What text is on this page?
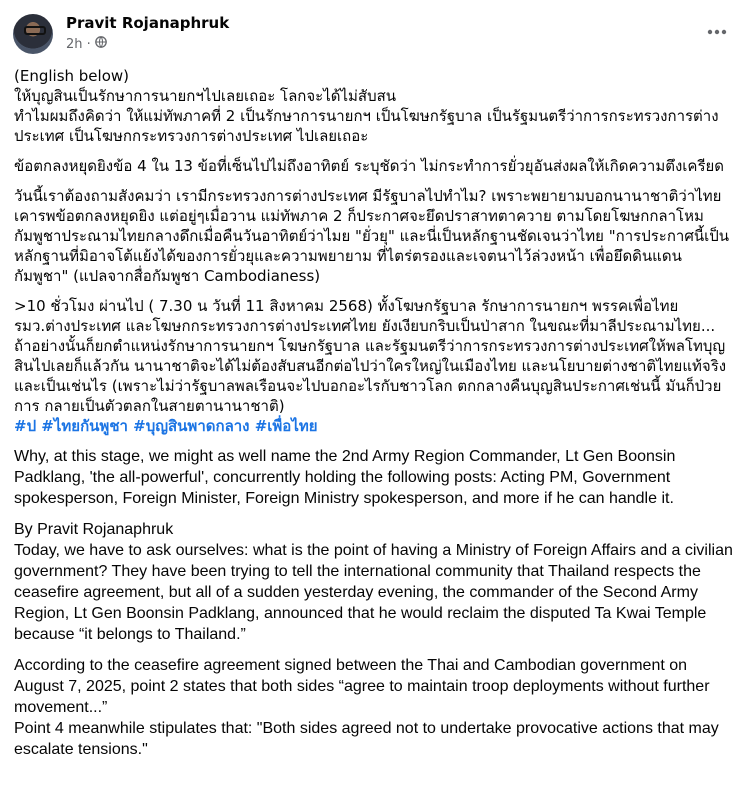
Pravit Rojanaphruk
2h ·

(English below)
ให้บุญสินเป็นรักษาการนายกฯไปเลยเถอะ โลกจะได้ไม่สับสน
ทำไมผมถึงคิดว่า ให้แม่ทัพภาคที่ 2 เป็นรักษาการนายกฯ เป็นโฆษกรัฐบาล เป็นรัฐมนตรีว่าการกระทรวงการต่างประเทศ เป็นโฆษกกระทรวงการต่างประเทศ ไปเลยเถอะ

ข้อตกลงหยุดยิงข้อ 4 ใน 13 ข้อที่เซ็นไปไม่ถึงอาทิตย์ ระบุชัดว่า ไม่กระทำการยั่วยุอันส่งผลให้เกิดความตึงเครียด

วันนี้เราต้องถามสังคมว่า เรามีกระทรวงการต่างประเทศ มีรัฐบาลไปทำไม? เพราะพยายามบอกนานาชาติว่าไทยเคารพข้อตกลงหยุดยิง แต่อยู่ๆเมื่อวาน แม่ทัพภาค 2 ก็ประกาศจะยึดปราสาทตาควาย ตามโดยโฆษกกลาโหมกัมพูชาประณามไทยกลางดึกเมื่อคืนวันอาทิตย์ว่าไมย "ยั่วยุ" และนี่เป็นหลักฐานชัดเจนว่าไทย "การประกาศนี้เป็นหลักฐานที่มิอาจโต้แย้งได้ของการยั่วยุและความพยายาม ที่ไตร่ตรองและเจตนาไว้ล่วงหน้า เพื่อยึดดินแดนกัมพูชา" (แปลจากสื่อกัมพูชา Cambodianess)

>10 ชั่วโมง ผ่านไป ( 7.30 น วันที่ 11 สิงหาคม 2568) ทั้งโฆษกรัฐบาล รักษาการนายกฯ พรรคเพื่อไทย รมว.ต่างประเทศ และโฆษกกระทรวงการต่างประเทศไทย ยังเงียบกริบเป็นป่าสาก ในขณะที่มาลีประณามไทย...
ถ้าอย่างนั้นก็ยกตำแหน่งรักษาการนายกฯ โฆษกรัฐบาล และรัฐมนตรีว่าการกระทรวงการต่างประเทศให้พลโทบุญสินไปเลยก็แล้วกัน นานาชาติจะได้ไม่ต้องสับสนอีกต่อไปว่าใครใหญ่ในเมืองไทย และนโยบายต่างชาติไทยแท้จริงและเป็นเช่นไร (เพราะไม่ว่ารัฐบาลพลเรือนจะไปบอกอะไรกับชาวโลก ตกกลางคืนบุญสินประกาศเช่นนี้ มันก็ป่วยการ กลายเป็นตัวตลกในสายตานานาชาติ)

#ป #ไทยกันพูชา #บุญสินพาดกลาง #เพื่อไทย

Why, at this stage, we might as well name the 2nd Army Region Commander, Lt Gen Boonsin Padklang, 'the all-powerful', concurrently holding the following posts: Acting PM, Government spokesperson, Foreign Minister, Foreign Ministry spokesperson, and more if he can handle it.

By Pravit Rojanaphruk
Today, we have to ask ourselves: what is the point of having a Ministry of Foreign Affairs and a civilian government? They have been trying to tell the international community that Thailand respects the ceasefire agreement, but all of a sudden yesterday evening, the commander of the Second Army Region, Lt Gen Boonsin Padklang, announced that he would reclaim the disputed Ta Kwai Temple because “it belongs to Thailand.”

According to the ceasefire agreement signed between the Thai and Cambodian government on August 7, 2025, point 2 states that both sides “agree to maintain troop deployments without further movement...”
Point 4 meanwhile stipulates that: "Both sides agreed not to undertake provocative actions that may escalate tensions."
